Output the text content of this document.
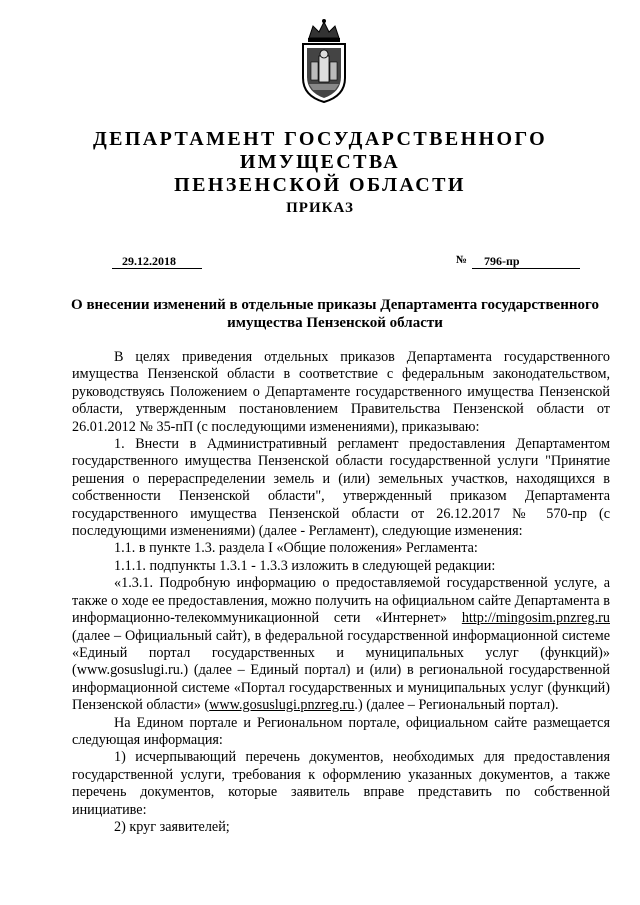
ДЕПАРТАМЕНТ ГОСУДАРСТВЕННОГО ИМУЩЕСТВА
ПЕНЗЕНСКОЙ ОБЛАСТИ
ПРИКАЗ
29.12.2018	№	796-пр
О внесении изменений в отдельные приказы Департамента государственного имущества Пензенской области

В целях приведения отдельных приказов Департамента государственного имущества Пензенской области в соответствие с федеральным законодательством, руководствуясь Положением о Департаменте государственного имущества Пензенской области, утвержденным постановлением Правительства Пензенской области от 26.01.2012 № 35-пП (с последующими изменениями), приказываю:

1. Внести в Административный регламент предоставления Департаментом государственного имущества Пензенской области государственной услуги "Принятие решения о перераспределении земель и (или) земельных участков, находящихся в собственности Пензенской области", утвержденный приказом Департамента государственного имущества Пензенской области от 26.12.2017 № 570-пр (с последующими изменениями) (далее - Регламент), следующие изменения:

1.1. в пункте 1.3. раздела I «Общие положения» Регламента:

1.1.1. подпункты 1.3.1 - 1.3.3 изложить в следующей редакции:

«1.3.1. Подробную информацию о предоставляемой государственной услуге, а также о ходе ее предоставления, можно получить на официальном сайте Департамента в информационно-телекоммуникационной сети «Интернет» http://mingosim.pnzreg.ru (далее – Официальный сайт), в федеральной государственной информационной системе «Единый портал государственных и муниципальных услуг (функций)» (www.gosuslugi.ru.) (далее – Единый портал) и (или) в региональной государственной информационной системе «Портал государственных и муниципальных услуг (функций) Пензенской области» (www.gosuslugi.pnzreg.ru.) (далее – Региональный портал).

На Едином портале и Региональном портале, официальном сайте размещается следующая информация:

1) исчерпывающий перечень документов, необходимых для предоставления государственной услуги, требования к оформлению указанных документов, а также перечень документов, которые заявитель вправе представить по собственной инициативе:

2) круг заявителей;
